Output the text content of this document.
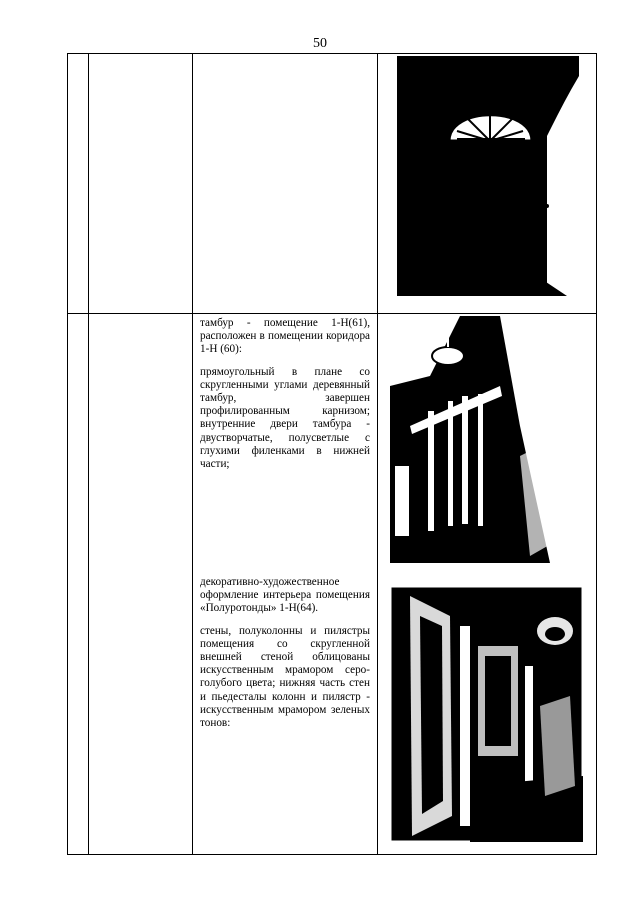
50

тамбур - помещение 1-Н(61), расположен в помещении коридора 1-Н (60):

прямоугольный в плане со скругленными углами деревянный тамбур, завершен профилированным карнизом; внутренние двери тамбура - двустворчатые, полусветлые с глухими филенками в нижней части;

декоративно-художественное оформление интерьера помещения «Полуротонды» 1-Н(64).

стены, полуколонны и пилястры помещения со скругленной внешней стеной облицованы искусственным мрамором серо-голубого цвета; нижняя часть стен и пьедесталы колонн и пилястр - искусственным мрамором зеленых тонов:
